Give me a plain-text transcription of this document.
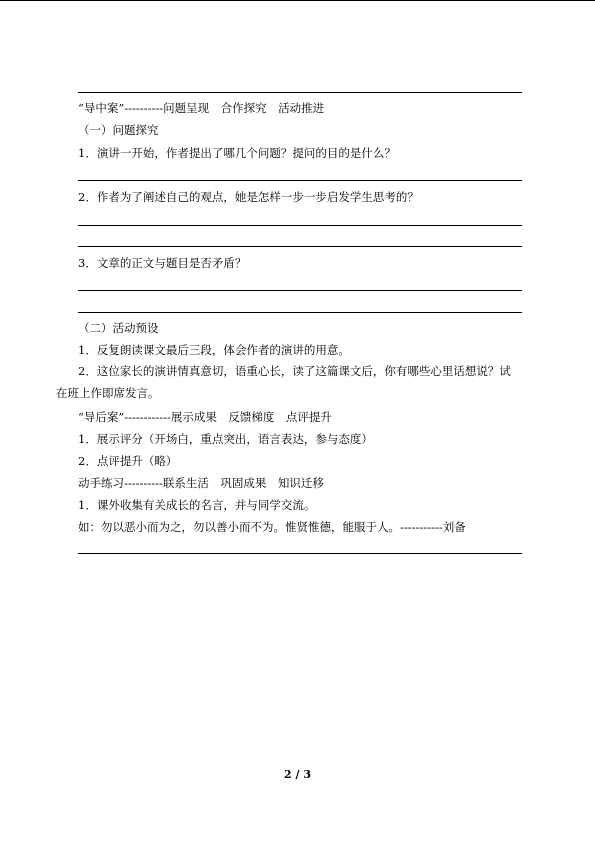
“导中案”----------问题呈现　合作探究　活动推进
（一）问题探究
1．演讲一开始，作者提出了哪几个问题？提问的目的是什么？
2．作者为了阐述自己的观点，她是怎样一步一步启发学生思考的？
3．文章的正文与题目是否矛盾？
（二）活动预设
1．反复朗读课文最后三段，体会作者的演讲的用意。
2．这位家长的演讲情真意切，语重心长，读了这篇课文后，你有哪些心里话想说？试在班上作即席发言。
“导后案”------------展示成果　反馈梯度　点评提升
1．展示评分（开场白，重点突出，语言表达，参与态度）
2．点评提升（略）
动手练习----------联系生活　巩固成果　知识迁移
1．课外收集有关成长的名言，并与同学交流。
如：勿以恶小而为之，勿以善小而不为。惟贤惟德，能服于人。-----------刘备
2 / 3
